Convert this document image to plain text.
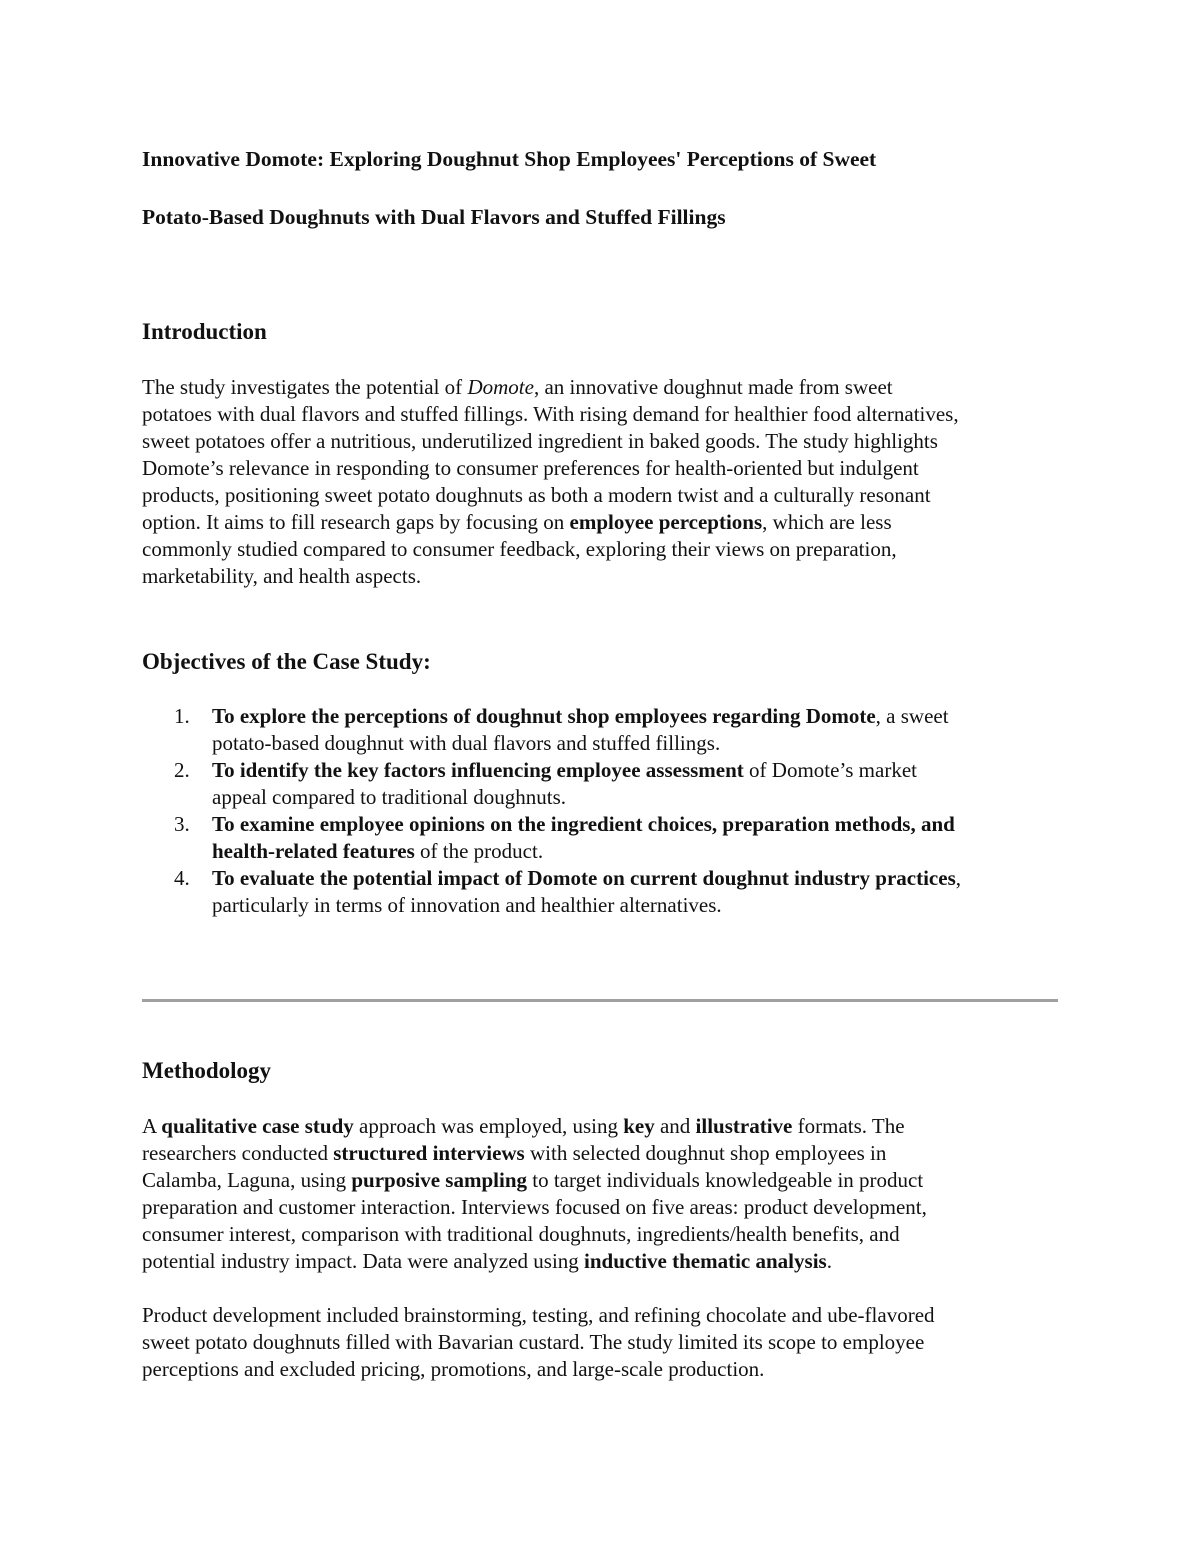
Innovative Domote: Exploring Doughnut Shop Employees' Perceptions of Sweet
Potato-Based Doughnuts with Dual Flavors and Stuffed Fillings
Introduction
The study investigates the potential of Domote, an innovative doughnut made from sweet
potatoes with dual flavors and stuffed fillings. With rising demand for healthier food alternatives,
sweet potatoes offer a nutritious, underutilized ingredient in baked goods. The study highlights
Domote’s relevance in responding to consumer preferences for health-oriented but indulgent
products, positioning sweet potato doughnuts as both a modern twist and a culturally resonant
option. It aims to fill research gaps by focusing on employee perceptions, which are less
commonly studied compared to consumer feedback, exploring their views on preparation,
marketability, and health aspects.
Objectives of the Case Study:
1. To explore the perceptions of doughnut shop employees regarding Domote, a sweet
potato-based doughnut with dual flavors and stuffed fillings.
2. To identify the key factors influencing employee assessment of Domote’s market
appeal compared to traditional doughnuts.
3. To examine employee opinions on the ingredient choices, preparation methods, and
health-related features of the product.
4. To evaluate the potential impact of Domote on current doughnut industry practices,
particularly in terms of innovation and healthier alternatives.
Methodology
A qualitative case study approach was employed, using key and illustrative formats. The
researchers conducted structured interviews with selected doughnut shop employees in
Calamba, Laguna, using purposive sampling to target individuals knowledgeable in product
preparation and customer interaction. Interviews focused on five areas: product development,
consumer interest, comparison with traditional doughnuts, ingredients/health benefits, and
potential industry impact. Data were analyzed using inductive thematic analysis.
Product development included brainstorming, testing, and refining chocolate and ube-flavored
sweet potato doughnuts filled with Bavarian custard. The study limited its scope to employee
perceptions and excluded pricing, promotions, and large-scale production.
